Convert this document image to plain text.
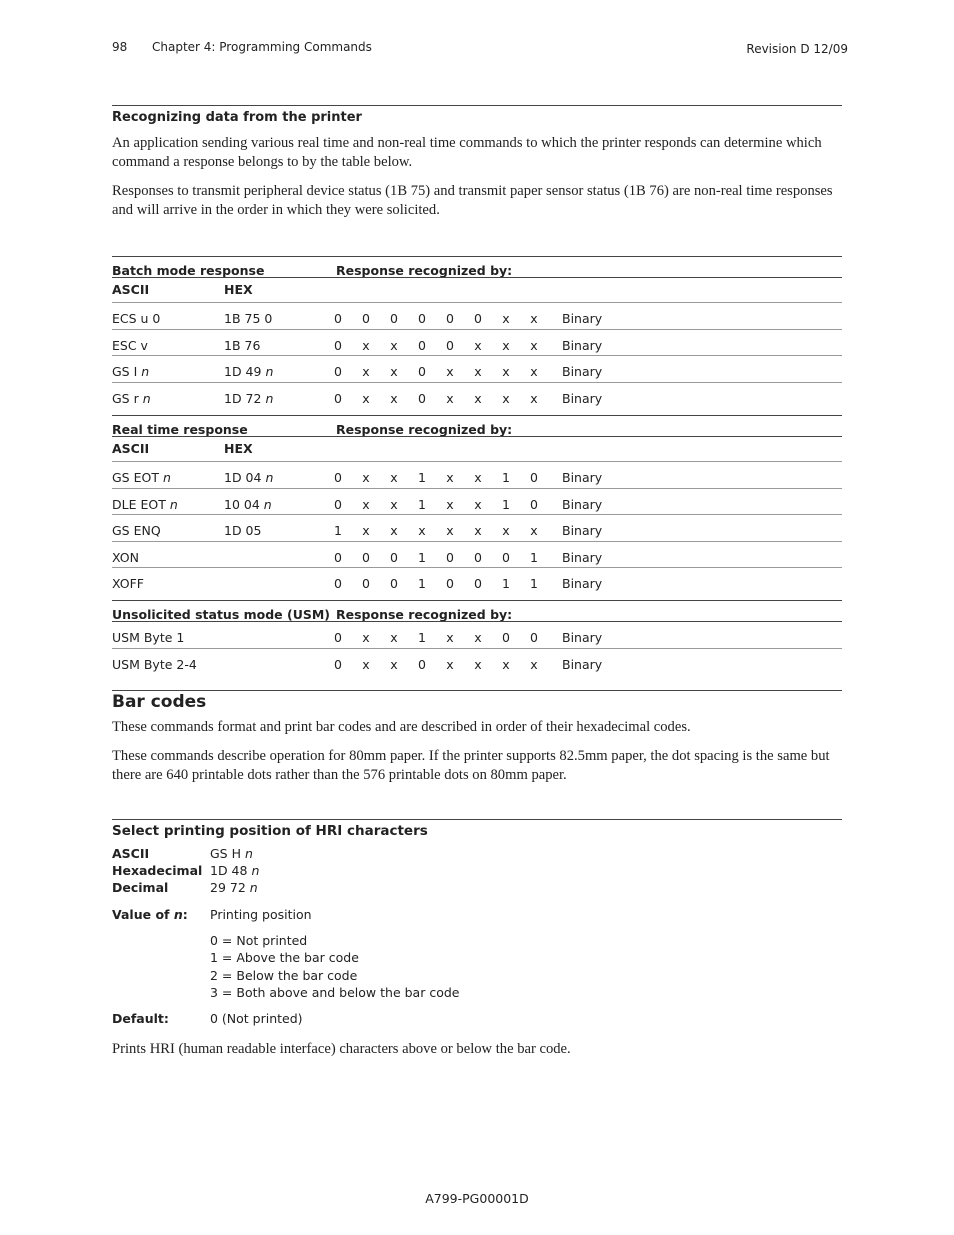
98 Chapter 4: Programming Commands	Revision D 12/09
Recognizing data from the printer

An application sending various real time and non-real time commands to which the printer responds can determine which command a response belongs to by the table below.

Responses to transmit peripheral device status (1B 75) and transmit paper sensor status (1B 76) are non-real time responses and will arrive in the order in which they were solicited.

Batch mode response	Response recognized by:
ASCII	HEX
ECS u 0	1B 75 0	0 0 0 0 0 0 x x Binary
ESC v	1B 76	0 x x 0 0 x x x Binary
GS I n	1D 49 n	0 x x 0 x x x x Binary
GS r n	1D 72 n	0 x x 0 x x x x Binary
Real time response	Response recognized by:
ASCII	HEX
GS EOT n	1D 04 n	0 x x 1 x x 1 0 Binary
DLE EOT n	10 04 n	0 x x 1 x x 1 0 Binary
GS ENQ	1D 05	1 x x x x x x x Binary
XON	0 0 0 1 0 0 0 1 Binary
XOFF	0 0 0 1 0 0 1 1 Binary
Unsolicited status mode (USM) Response recognized by:
USM Byte 1	0 x x 1 x x 0 0 Binary
USM Byte 2-4	0 x x 0 x x x x Binary
Bar codes

These commands format and print bar codes and are described in order of their hexadecimal codes.

These commands describe operation for 80mm paper. If the printer supports 82.5mm paper, the dot spacing is the same but there are 640 printable dots rather than the 576 printable dots on 80mm paper.

Select printing position of HRI characters
ASCII	GS H n
Hexadecimal 1D 48 n
Decimal	29 72 n
Value of n: Printing position
0 = Not printed
1 = Above the bar code
2 = Below the bar code
3 = Both above and below the bar code
Default:	0 (Not printed)

Prints HRI (human readable interface) characters above or below the bar code.

A799-PG00001D
